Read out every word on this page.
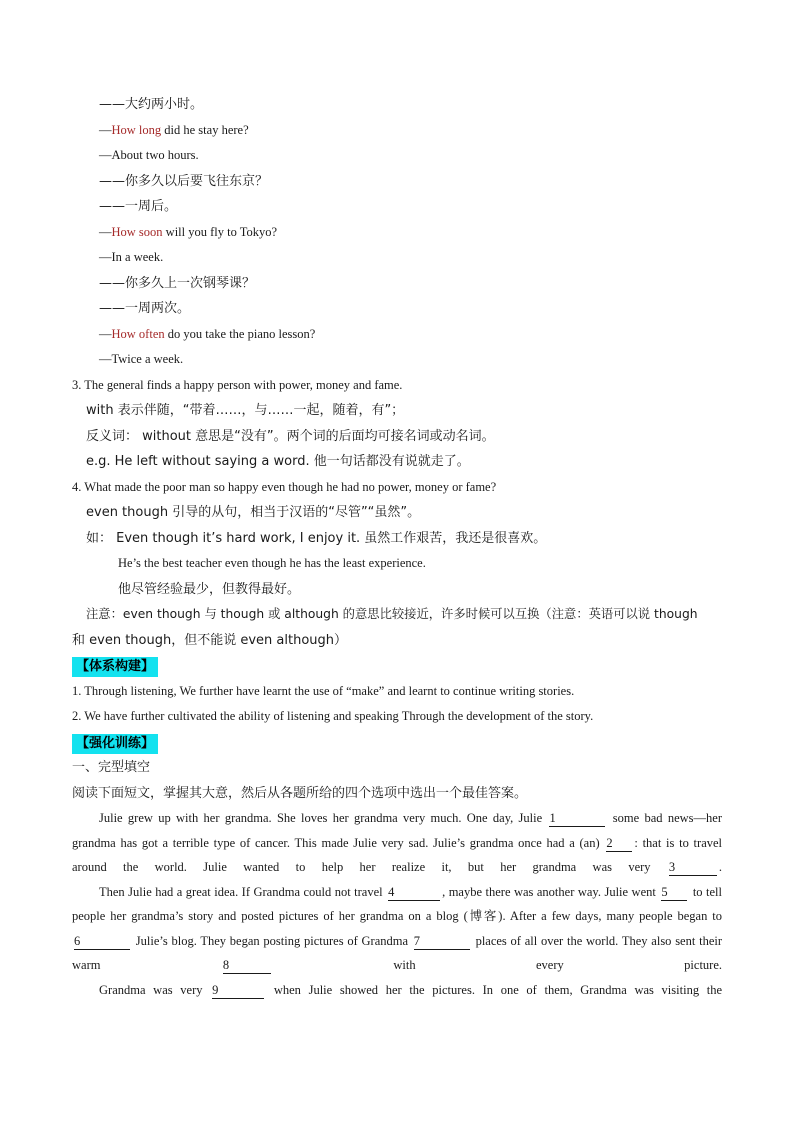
——大约两小时。
—How long did he stay here?
—About two hours.
——你多久以后要飞往东京？
——一周后。
—How soon will you fly to Tokyo?
—In a week.
——你多久上一次钢琴课？
——一周两次。
—How often do you take the piano lesson?
—Twice a week.
3. The general finds a happy person with power, money and fame.
with 表示伴随，“带着……，与……一起，随着，有”；
反义词： without 意思是“没有”。两个词的后面均可接名词或动名词。
e.g. He left without saying a word. 他一句话都没有说就走了。
4. What made the poor man so happy even though he had no power, money or fame?
even though 引导的从句，相当于汉语的“尽管”“虽然”。
如： Even though it’s hard work, I enjoy it. 虽然工作艰苦，我还是很喜欢。
He’s the best teacher even though he has the least experience.
他尽管经验最少，但教得最好。
注意：even though 与 though 或 although 的意思比较接近，许多时候可以互换（注意：英语可以说 though
和 even though，但不能说 even although）
【体系构建】
1. Through listening, We further have learnt the use of “make” and learnt to continue writing stories.
2. We have further cultivated the ability of listening and speaking Through the development of the story.
【强化训练】
一、完型填空
阅读下面短文，掌握其大意，然后从各题所给的四个选项中选出一个最佳答案。
Julie grew up with her grandma. She loves her grandma very much. One day, Julie 1	some bad news—her grandma has got a terrible type of cancer. This made Julie very sad. Julie’s grandma once had a (an) 2 : that is to travel around the world. Julie wanted to help her realize it, but her grandma was very 3	.
Then Julie had a great idea. If Grandma could not travel 4	, maybe there was another way. Julie went 5 to tell people her grandma’s story and posted pictures of her grandma on a blog (博客). After a few days, many people began to 6	Julie’s blog. They began posting pictures of Grandma 7	places of all over the world. They also sent their warm	8	with every picture.
Grandma was very 9	when Julie showed her the pictures. In one of them, Grandma was visiting the
